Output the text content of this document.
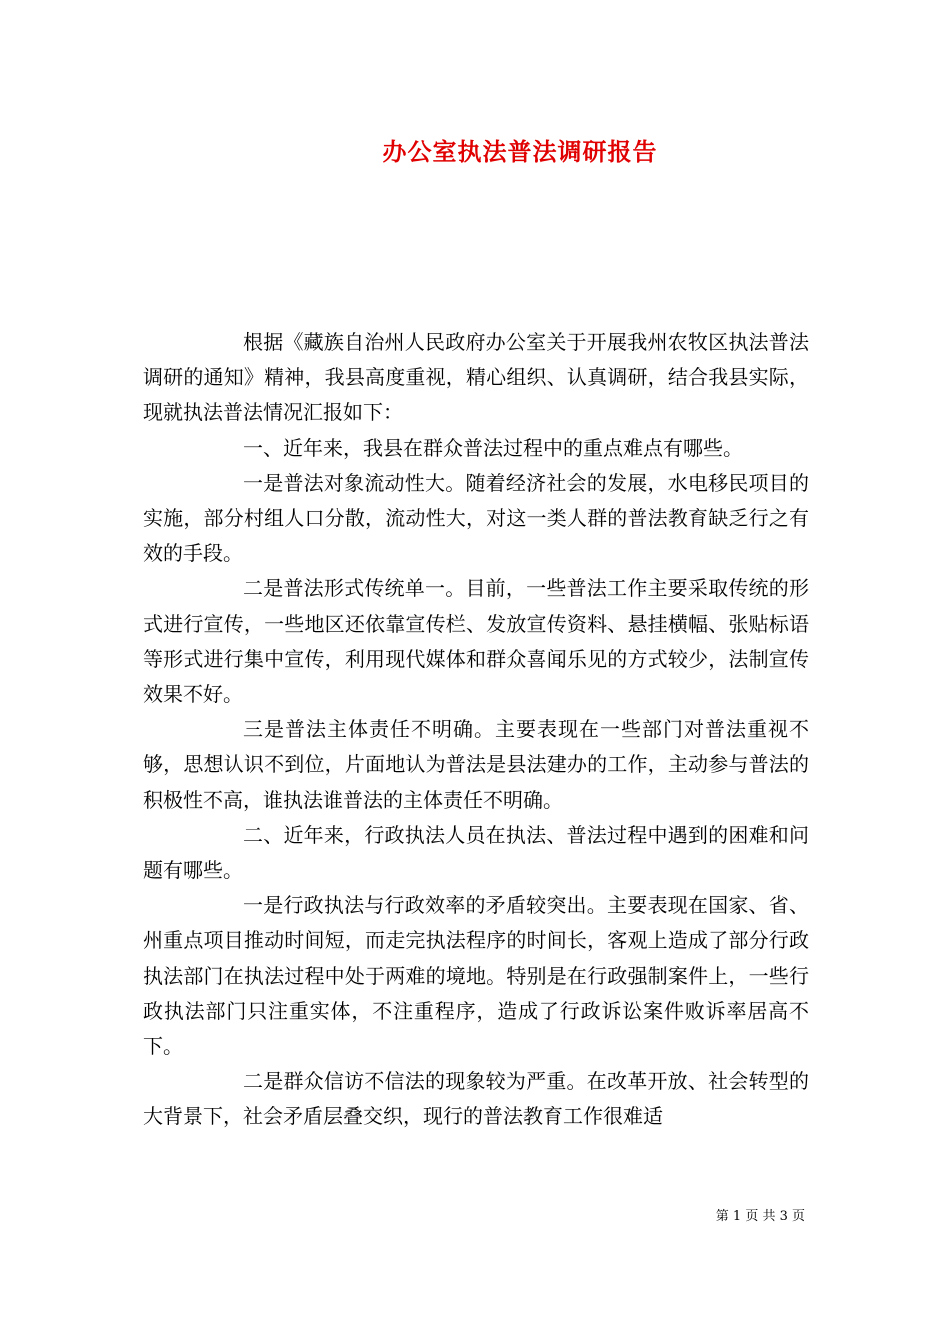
办公室执法普法调研报告

根据《藏族自治州人民政府办公室关于开展我州农牧区执法普法调研的通知》精神，我县高度重视，精心组织、认真调研，结合我县实际，现就执法普法情况汇报如下：

一、近年来，我县在群众普法过程中的重点难点有哪些。

一是普法对象流动性大。随着经济社会的发展，水电移民项目的实施，部分村组人口分散，流动性大，对这一类人群的普法教育缺乏行之有效的手段。

二是普法形式传统单一。目前，一些普法工作主要采取传统的形式进行宣传，一些地区还依靠宣传栏、发放宣传资料、悬挂横幅、张贴标语等形式进行集中宣传，利用现代媒体和群众喜闻乐见的方式较少，法制宣传效果不好。

三是普法主体责任不明确。主要表现在一些部门对普法重视不够，思想认识不到位，片面地认为普法是县法建办的工作，主动参与普法的积极性不高，谁执法谁普法的主体责任不明确。

二、近年来，行政执法人员在执法、普法过程中遇到的困难和问题有哪些。

一是行政执法与行政效率的矛盾较突出。主要表现在国家、省、州重点项目推动时间短，而走完执法程序的时间长，客观上造成了部分行政执法部门在执法过程中处于两难的境地。特别是在行政强制案件上，一些行政执法部门只注重实体，不注重程序，造成了行政诉讼案件败诉率居高不下。

二是群众信访不信法的现象较为严重。在改革开放、社会转型的大背景下，社会矛盾层叠交织，现行的普法教育工作很难适

第 1 页 共 3 页
